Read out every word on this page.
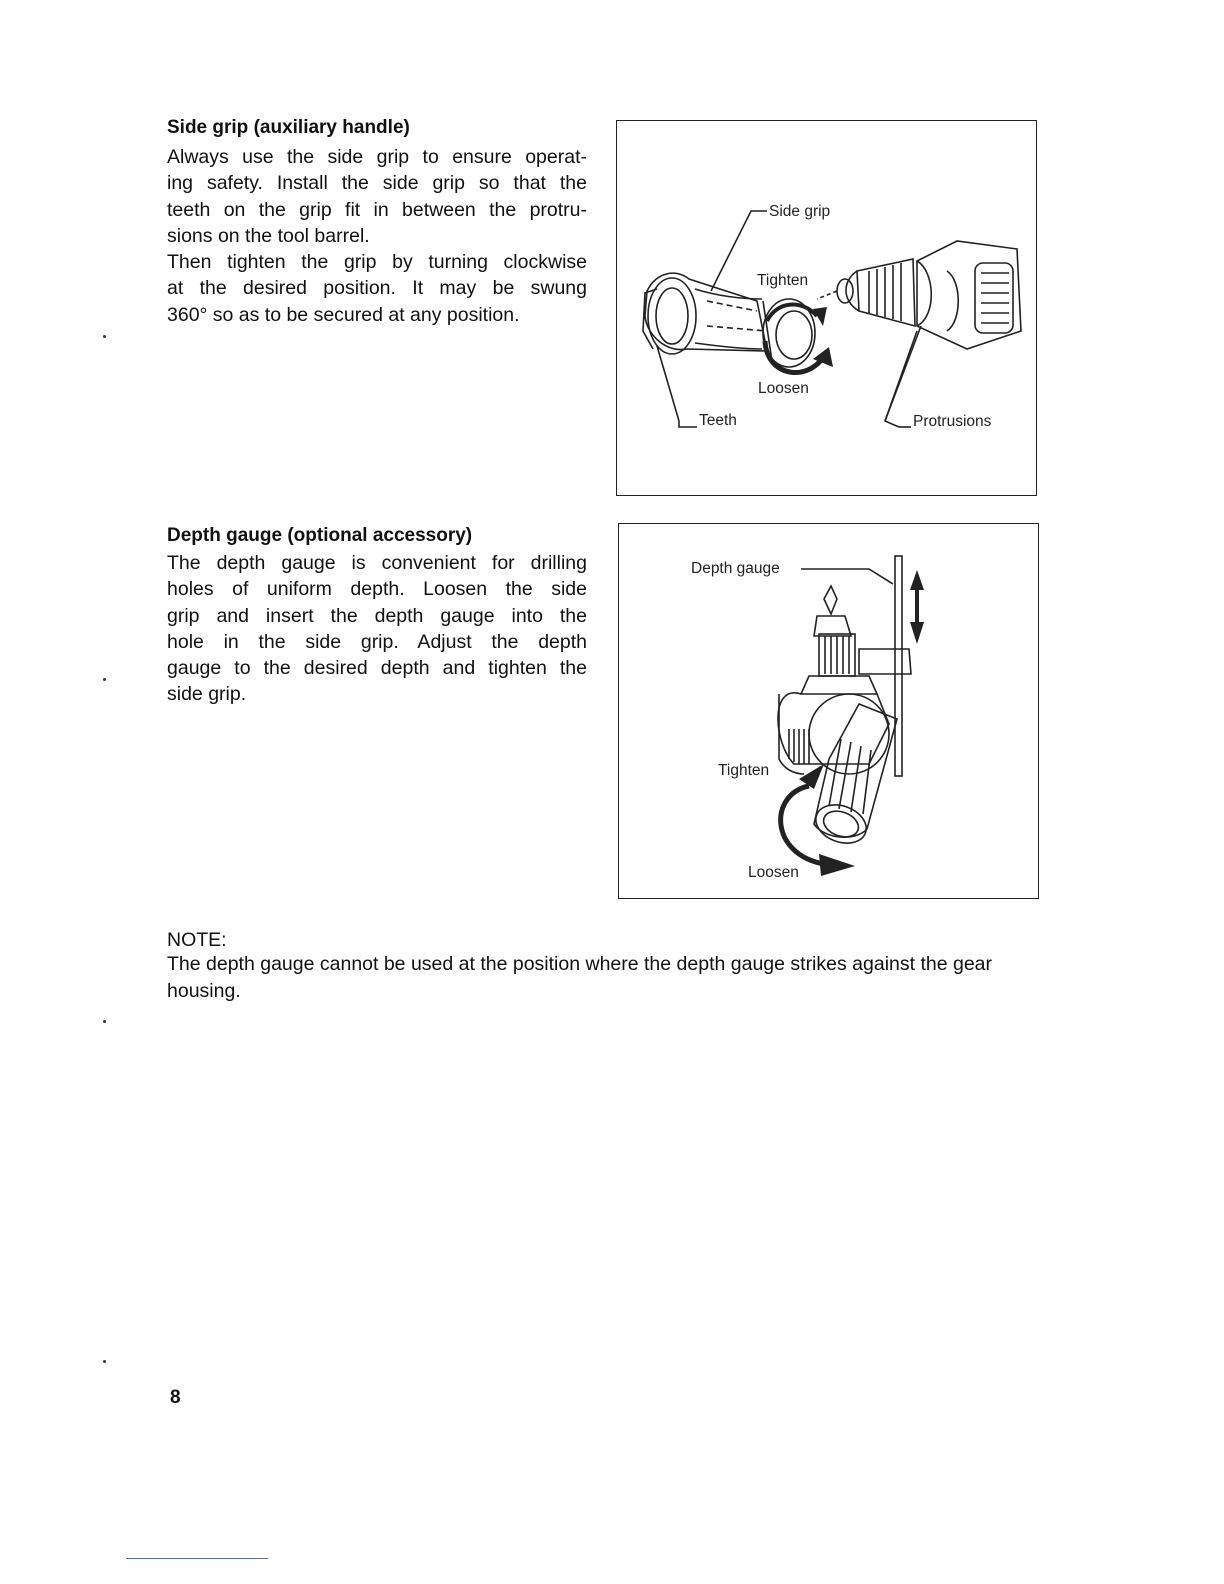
Side grip (auxiliary handle)
Always use the side grip to ensure operat-
ing safety. Install the side grip so that the
teeth on the grip fit in between the protru-
sions on the tool barrel.
Then tighten the grip by turning clockwise
at the desired position. It may be swung
360° so as to be secured at any position.
Side grip
Tighten
Loosen
Teeth	Protrusions
Depth gauge (optional accessory)
The depth gauge is convenient for drilling
holes of uniform depth. Loosen the side
grip and insert the depth gauge into the
hole in the side grip. Adjust the depth
gauge to the desired depth and tighten the
side grip.
Depth gauge
Tighten
Loosen

NOTE:

The depth gauge cannot be used at the position where the depth gauge strikes against the gear housing.

8
